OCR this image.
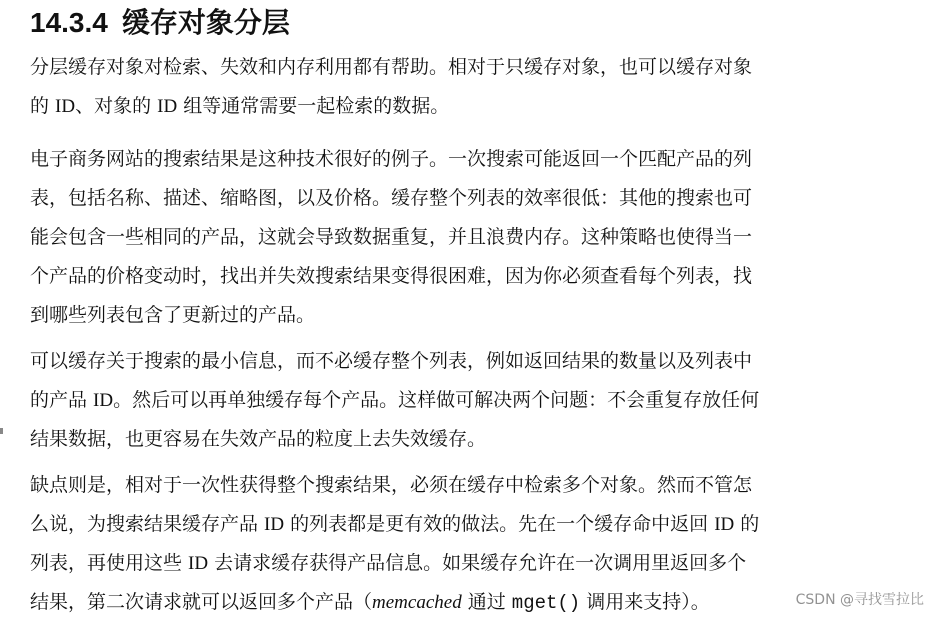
14.3.4 缓存对象分层
分层缓存对象对检索、失效和内存利用都有帮助。相对于只缓存对象，也可以缓存对象
的 ID、对象的 ID 组等通常需要一起检索的数据。
电子商务网站的搜索结果是这种技术很好的例子。一次搜索可能返回一个匹配产品的列
表，包括名称、描述、缩略图，以及价格。缓存整个列表的效率很低：其他的搜索也可
能会包含一些相同的产品，这就会导致数据重复，并且浪费内存。这种策略也使得当一
个产品的价格变动时，找出并失效搜索结果变得很困难，因为你必须查看每个列表，找
到哪些列表包含了更新过的产品。
可以缓存关于搜索的最小信息，而不必缓存整个列表，例如返回结果的数量以及列表中
的产品 ID。然后可以再单独缓存每个产品。这样做可解决两个问题：不会重复存放任何
结果数据，也更容易在失效产品的粒度上去失效缓存。
缺点则是，相对于一次性获得整个搜索结果，必须在缓存中检索多个对象。然而不管怎
么说，为搜索结果缓存产品 ID 的列表都是更有效的做法。先在一个缓存命中返回 ID 的
列表，再使用这些 ID 去请求缓存获得产品信息。如果缓存允许在一次调用里返回多个
结果，第二次请求就可以返回多个产品（memcached 通过 mget() 调用来支持）。	CSDN @寻找雪拉比
